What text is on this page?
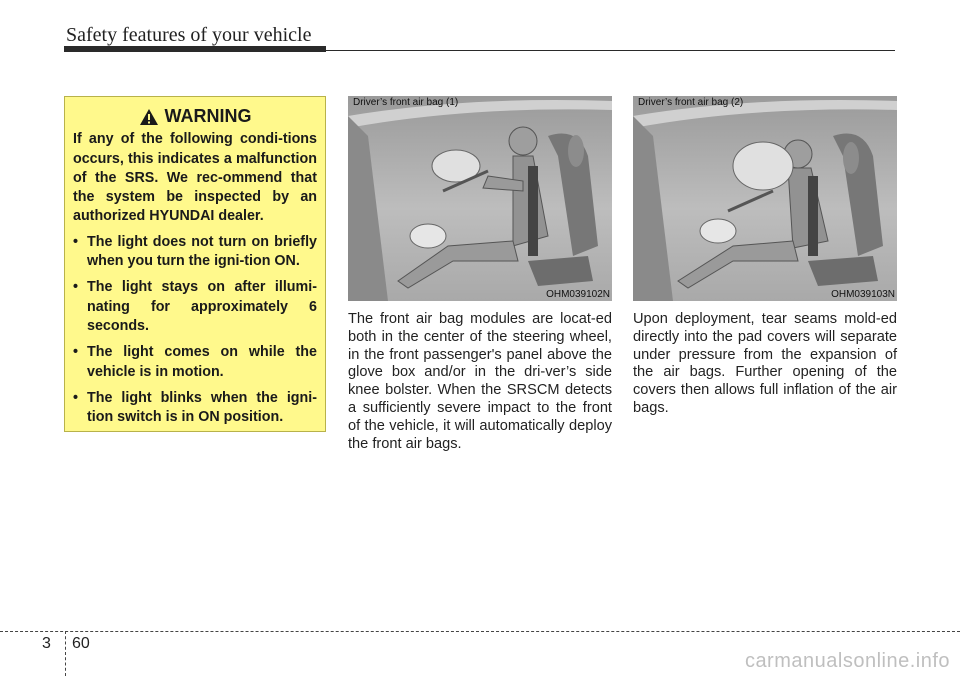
Safety features of your vehicle
WARNING

If any of the following condi-tions occurs, this indicates a malfunction of the SRS. We rec-ommend that the system be inspected by an authorized HYUNDAI dealer.

• The light does not turn on briefly when you turn the igni-tion ON.
• The light stays on after illumi-nating for approximately 6 seconds.
• The light comes on while the vehicle is in motion.
• The light blinks when the igni-tion switch is in ON position.
Driver’s front air bag (1)
OHM039102N
Driver’s front air bag (2)
OHM039103N

The front air bag modules are locat-ed both in the center of the steering wheel, in the front passenger's panel above the glove box and/or in the dri-ver’s side knee bolster. When the SRSCM detects a sufficiently severe impact to the front of the vehicle, it will automatically deploy the front air bags.

Upon deployment, tear seams mold-ed directly into the pad covers will separate under pressure from the expansion of the air bags. Further opening of the covers then allows full inflation of the air bags.

3 60
carmanualsonline.info
